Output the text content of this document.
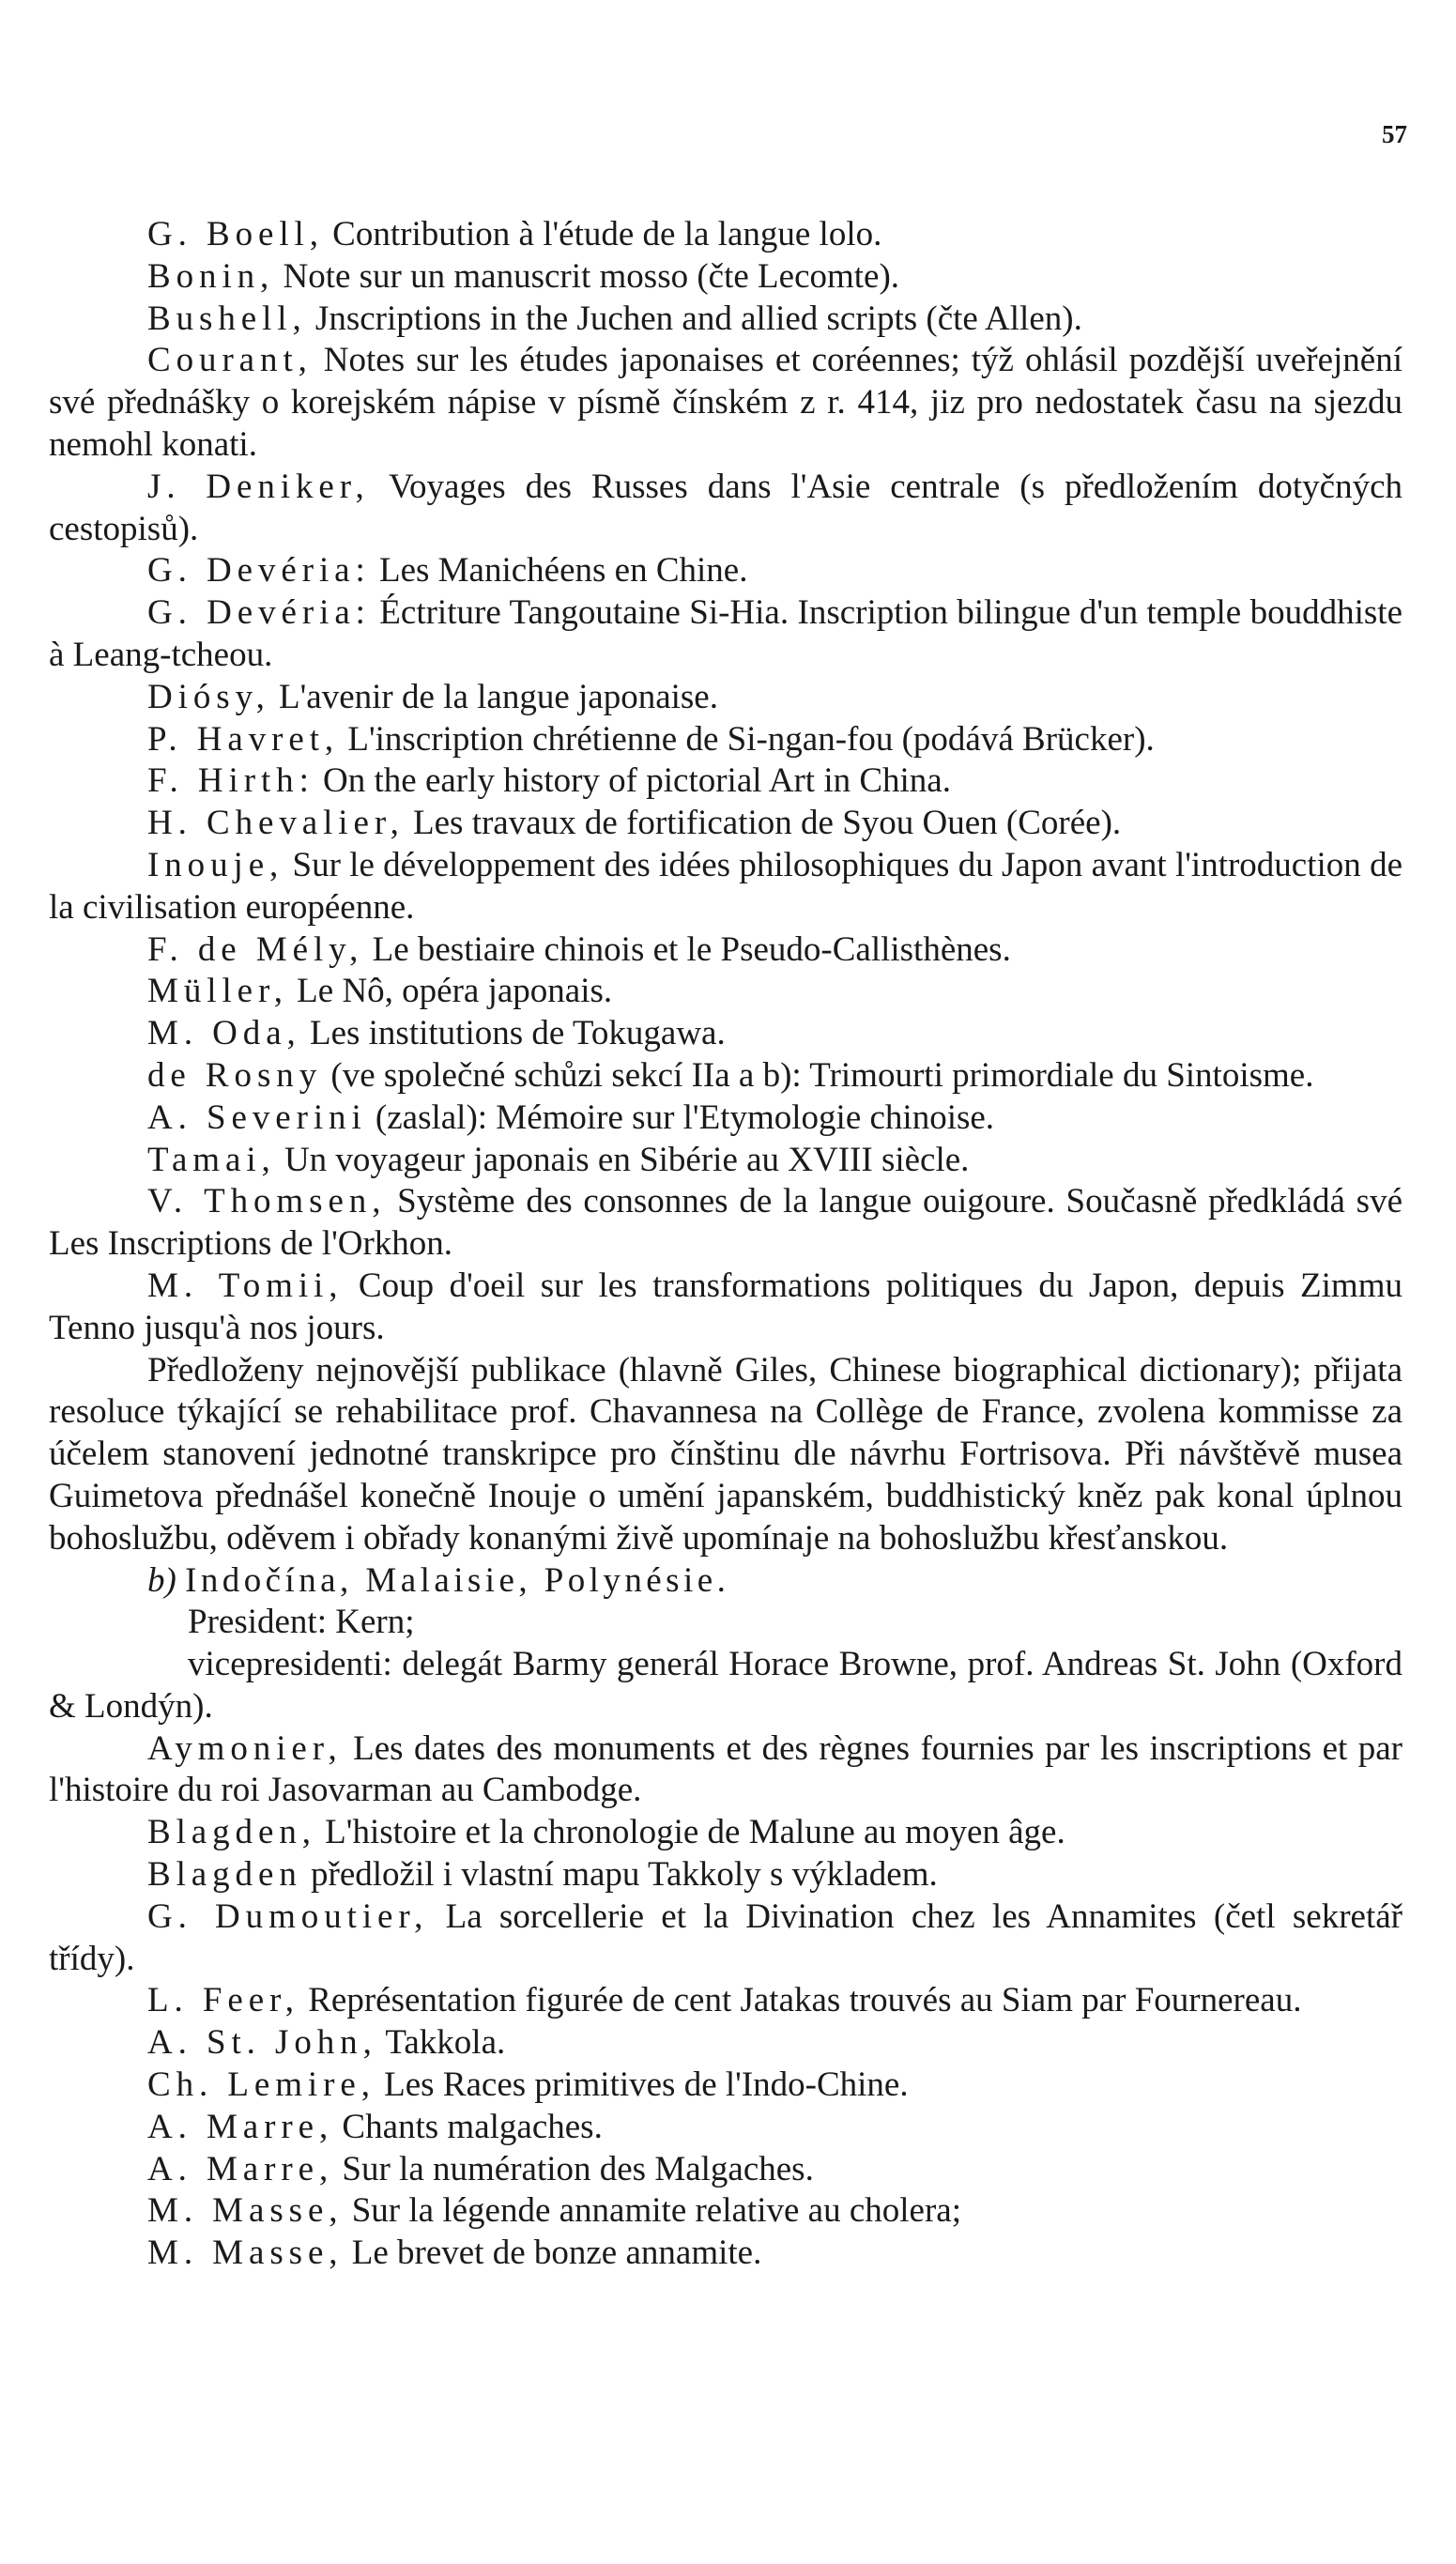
57

G. Boell, Contribution à l'étude de la langue lolo.

Bonin, Note sur un manuscrit mosso (čte Lecomte).

Bushell, Jnscriptions in the Juchen and allied scripts (čte Allen).

Courant, Notes sur les études japonaises et coréennes; týž ohlásil pozdější uveřejnění své přednášky o korejském nápise v písmě čínském z r. 414, jiz pro nedostatek času na sjezdu nemohl konati.

J. Deniker, Voyages des Russes dans l'Asie centrale (s předložením dotyčných cestopisů).

G. Devéria: Les Manichéens en Chine.

G. Devéria: Éctriture Tangoutaine Si-Hia. Inscription bilingue d'un temple bouddhiste à Leang-tcheou.

Diósy, L'avenir de la langue japonaise.

P. Havret, L'inscription chrétienne de Si-ngan-fou (podává Brücker).

F. Hirth: On the early history of pictorial Art in China.

H. Chevalier, Les travaux de fortification de Syou Ouen (Corée).

Inouje, Sur le développement des idées philosophiques du Japon avant l'introduction de la civilisation européenne.

F. de Mély, Le bestiaire chinois et le Pseudo-Callisthènes.

Müller, Le Nô, opéra japonais.

M. Oda, Les institutions de Tokugawa.

de Rosny (ve společné schůzi sekcí IIa a b): Trimourti primordiale du Sintoisme.

A. Severini (zaslal): Mémoire sur l'Etymologie chinoise.

Tamai, Un voyageur japonais en Sibérie au XVIII siècle.

V. Thomsen, Système des consonnes de la langue ouigoure. Současně předkládá své Les Inscriptions de l'Orkhon.

M. Tomii, Coup d'oeil sur les transformations politiques du Japon, depuis Zimmu Tenno jusqu'à nos jours.

Předloženy nejnovější publikace (hlavně Giles, Chinese biographical dictionary); přijata resoluce týkající se rehabilitace prof. Chavannesa na Collège de France, zvolena kommisse za účelem stanovení jednotné transkripce pro čínštinu dle návrhu Fortrisova. Při návštěvě musea Guimetova přednášel konečně Inouje o umění japanském, buddhistický kněz pak konal úplnou bohoslužbu, oděvem i obřady konanými živě upomínaje na bohoslužbu křesťanskou.

b) Indočína, Malaisie, Polynésie.

President: Kern;

vicepresidenti: delegát Barmy generál Horace Browne, prof. Andreas St. John (Oxford & Londýn).

Aymonier, Les dates des monuments et des règnes fournies par les inscriptions et par l'histoire du roi Jasovarman au Cambodge.

Blagden, L'histoire et la chronologie de Malune au moyen âge.

Blagden předložil i vlastní mapu Takkoly s výkladem.

G. Dumoutier, La sorcellerie et la Divination chez les Annamites (četl sekretář třídy).

L. Feer, Représentation figurée de cent Jatakas trouvés au Siam par Fournereau.

A. St. John, Takkola.

Ch. Lemire, Les Races primitives de l'Indo-Chine.

A. Marre, Chants malgaches.

A. Marre, Sur la numération des Malgaches.

M. Masse, Sur la légende annamite relative au cholera;

M. Masse, Le brevet de bonze annamite.
